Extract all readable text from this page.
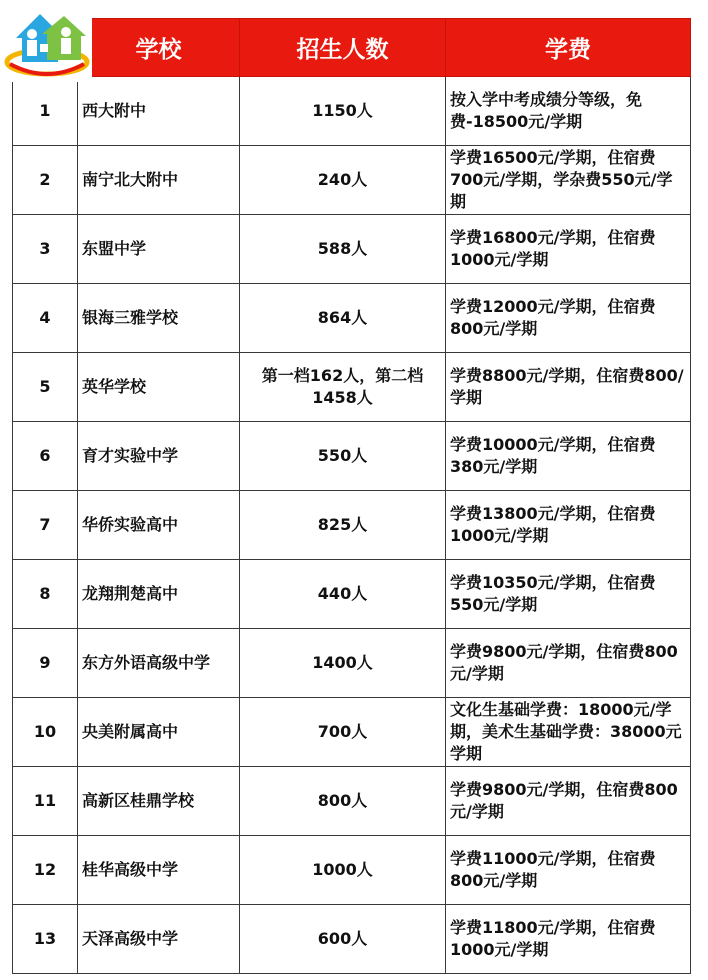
	学校	招生人数	学费
1	西大附中	1150人	按入学中考成绩分等级，免费-18500元/学期
2	南宁北大附中	240人	学费16500元/学期，住宿费700元/学期，学杂费550元/学期
3	东盟中学	588人	学费16800元/学期，住宿费1000元/学期
4	银海三雅学校	864人	学费12000元/学期，住宿费800元/学期
5	英华学校	第一档162人，第二档1458人	学费8800元/学期，住宿费800/学期
6	育才实验中学	550人	学费10000元/学期，住宿费380元/学期
7	华侨实验高中	825人	学费13800元/学期，住宿费1000元/学期
8	龙翔荆楚高中	440人	学费10350元/学期，住宿费550元/学期
9	东方外语高级中学	1400人	学费9800元/学期，住宿费800元/学期
10	央美附属高中	700人	文化生基础学费：18000元/学期，美术生基础学费：38000元学期
11	高新区桂鼎学校	800人	学费9800元/学期，住宿费800元/学期
12	桂华高级中学	1000人	学费11000元/学期，住宿费800元/学期
13	天泽高级中学	600人	学费11800元/学期，住宿费1000元/学期
